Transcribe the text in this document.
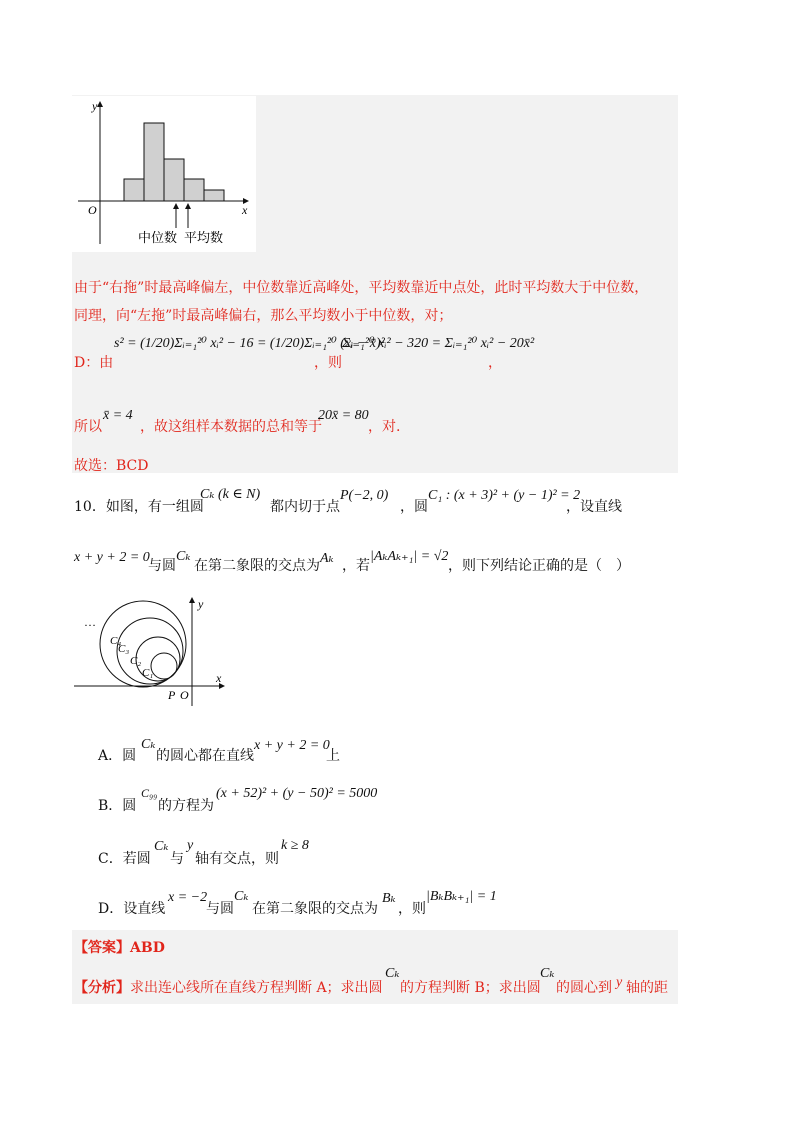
y
x
O
中位数 平均数
由于“右拖”时最高峰偏左，中位数靠近高峰处，平均数靠近中点处，此时平均数大于中位数，
同理，向“左拖”时最高峰偏右，那么平均数小于中位数，对；
D：由
s² = (1/20)Σᵢ₌₁²⁰ xᵢ² − 16 = (1/20)Σᵢ₌₁²⁰ (xᵢ − x̄)²
，则
Σᵢ₌₁²⁰ xᵢ² − 320 = Σᵢ₌₁²⁰ xᵢ² − 20x̄²
，
所以
x̄ = 4
，故这组样本数据的总和等于
20x̄ = 80
，对.
故选：BCD
10．如图，有一组圆
Cₖ (k ∈ N)
都内切于点
P(−2, 0)
，圆
C₁ : (x + 3)² + (y − 1)² = 2
，设直线
x + y + 2 = 0
与圆
Cₖ
在第二象限的交点为 Aₖ ，若
|AₖAₖ₊₁| = √2
，则下列结论正确的是（　）
…
C₄
C₃
C₂
C₁
P O
x
y
A．圆
Cₖ
的圆心都在直线
x + y + 2 = 0
上
B．圆
C₉₉
的方程为
(x + 52)² + (y − 50)² = 5000
C．若圆
Cₖ
与
y
轴有交点，则
k ≥ 8
D．设直线
x = −2
与圆
Cₖ
在第二象限的交点为
Bₖ
，则
|BₖBₖ₊₁| = 1
【答案】ABD
【分析】 求出连心线所在直线方程判断 A；求出圆
Cₖ
的方程判断 B；求出圆
Cₖ
的圆心到 y 轴的距
